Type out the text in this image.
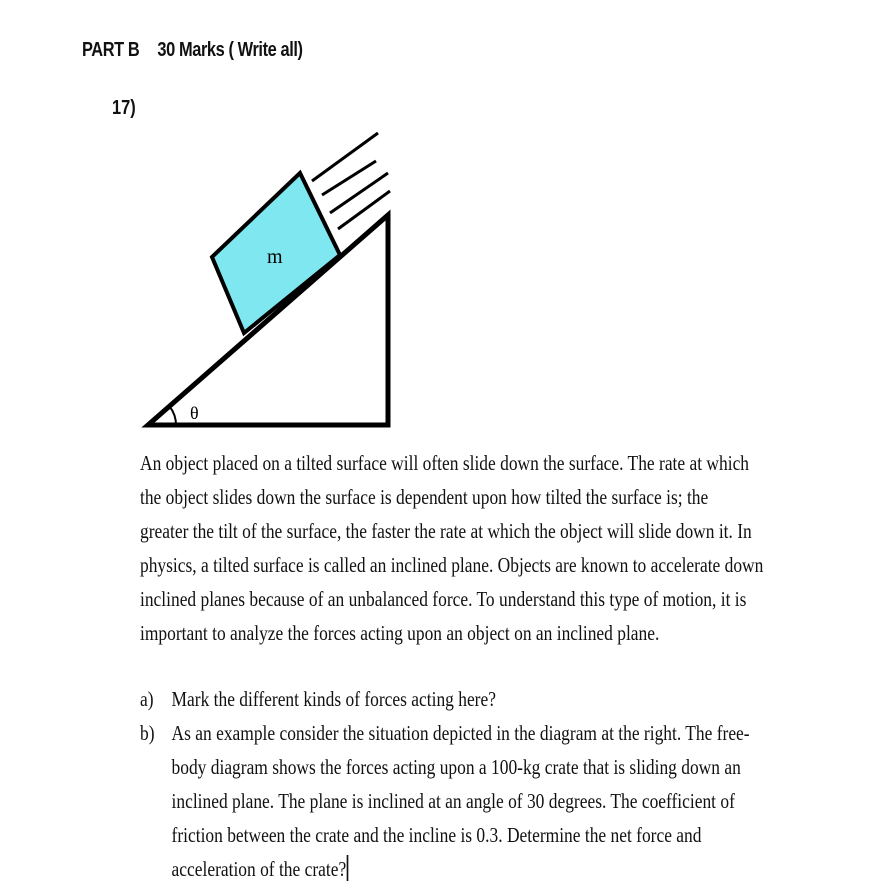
PART B 30 Marks ( Write all)
17)
m
θ
An object placed on a tilted surface will often slide down the surface. The rate at which
the object slides down the surface is dependent upon how tilted the surface is; the
greater the tilt of the surface, the faster the rate at which the object will slide down it. In
physics, a tilted surface is called an inclined plane. Objects are known to accelerate down
inclined planes because of an unbalanced force. To understand this type of motion, it is
important to analyze the forces acting upon an object on an inclined plane.
a) Mark the different kinds of forces acting here?
b) As an example consider the situation depicted in the diagram at the right. The free-
body diagram shows the forces acting upon a 100-kg crate that is sliding down an
inclined plane. The plane is inclined at an angle of 30 degrees. The coefficient of
friction between the crate and the incline is 0.3. Determine the net force and
acceleration of the crate?
